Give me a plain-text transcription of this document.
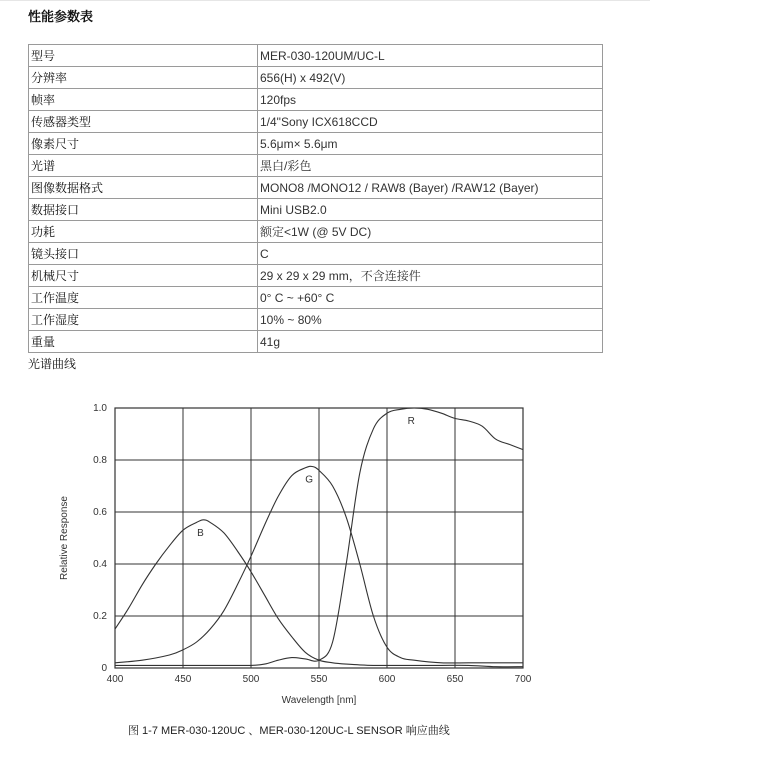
性能参数表
型号	MER-030-120UM/UC-L
分辨率	656(H) x 492(V)
帧率	120fps
传感器类型	1/4"Sony ICX618CCD
像素尺寸	5.6μm× 5.6μm
光谱	黑白/彩色
图像数据格式	MONO8 /MONO12 / RAW8 (Bayer) /RAW12 (Bayer)
数据接口	Mini USB2.0
功耗	额定<1W (@ 5V DC)
镜头接口	C
机械尺寸	29 x 29 x 29 mm，不含连接件
工作温度	0° C ~ +60° C
工作湿度	10% ~ 80%
重量	41g
光谱曲线
400	450	500	550	600	650	700
0
0.2
0.4
0.6
0.8
1.0
B
G
R
Wavelength [nm]
Relative Response
图 1-7 MER-030-120UC 、MER-030-120UC-L SENSOR 响应曲线
